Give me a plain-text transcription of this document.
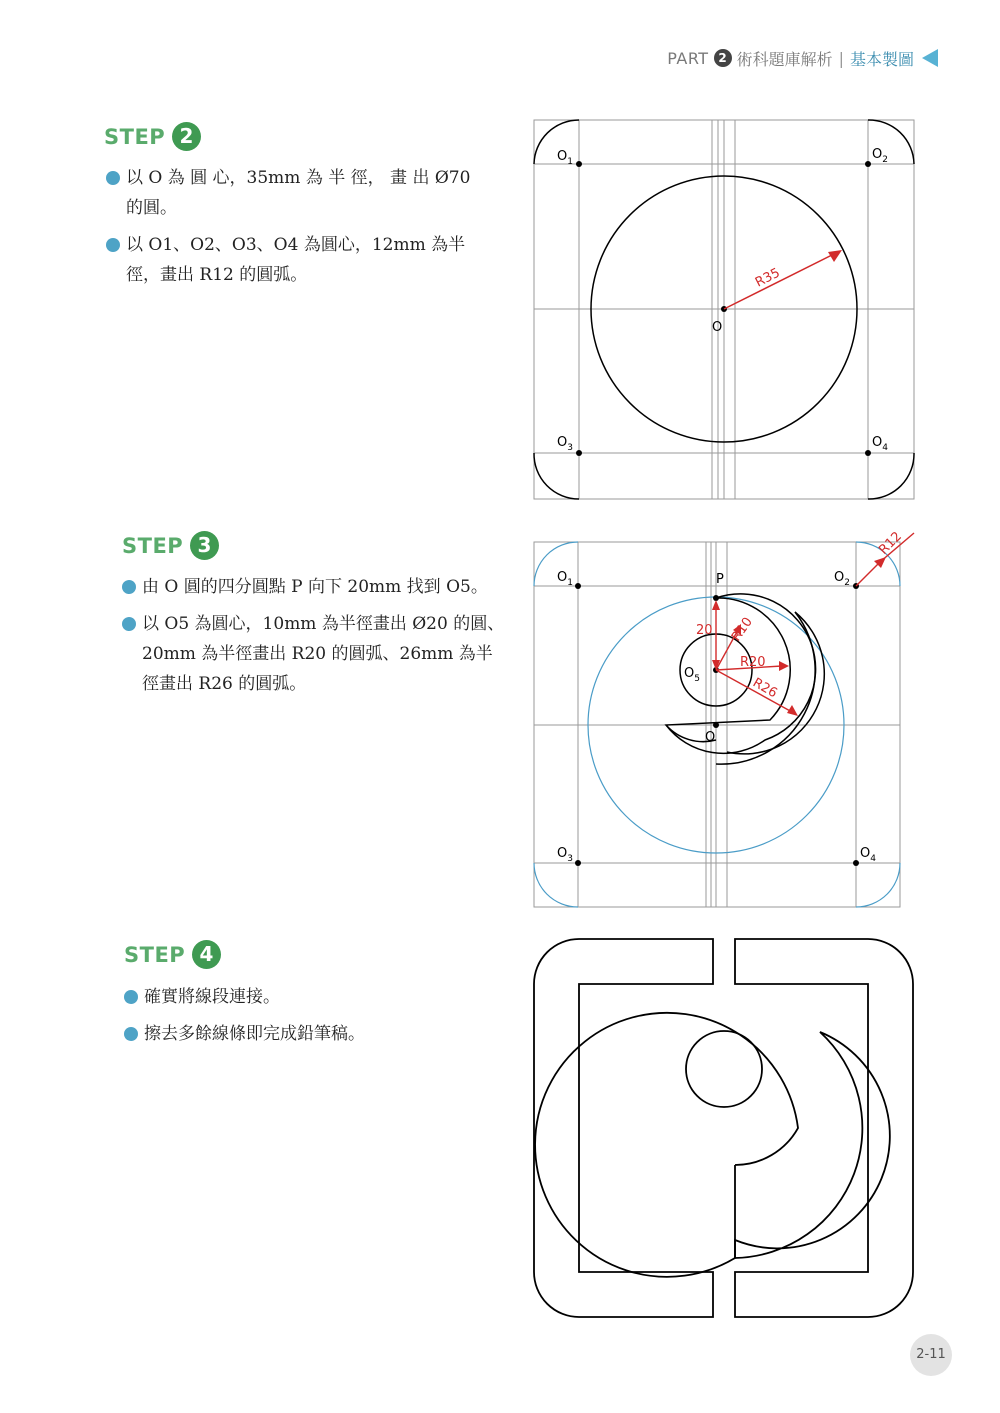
PART 2 術科題庫解析 | 基本製圖
STEP 2
以 O 為 圓 心，35mm 為 半 徑， 畫 出 Ø70 的圓。
以 O1、O2、O3、O4 為圓心，12mm 為半徑，畫出 R12 的圓弧。
STEP 3
由 O 圓的四分圓點 P 向下 20mm 找到 O5。
以 O5 為圓心，10mm 為半徑畫出 Ø20 的圓、20mm 為半徑畫出 R20 的圓弧、26mm 為半徑畫出 R26 的圓弧。
STEP 4
確實將線段連接。
擦去多餘線條即完成鉛筆稿。
$O_1$	$O_2$
$O_3$	$O_4$
O
R35
$O_1$	$O_2$
$O_3$	$O_4$
O
$O_5$
P
20 R10
R20
R26
R12
2-11
